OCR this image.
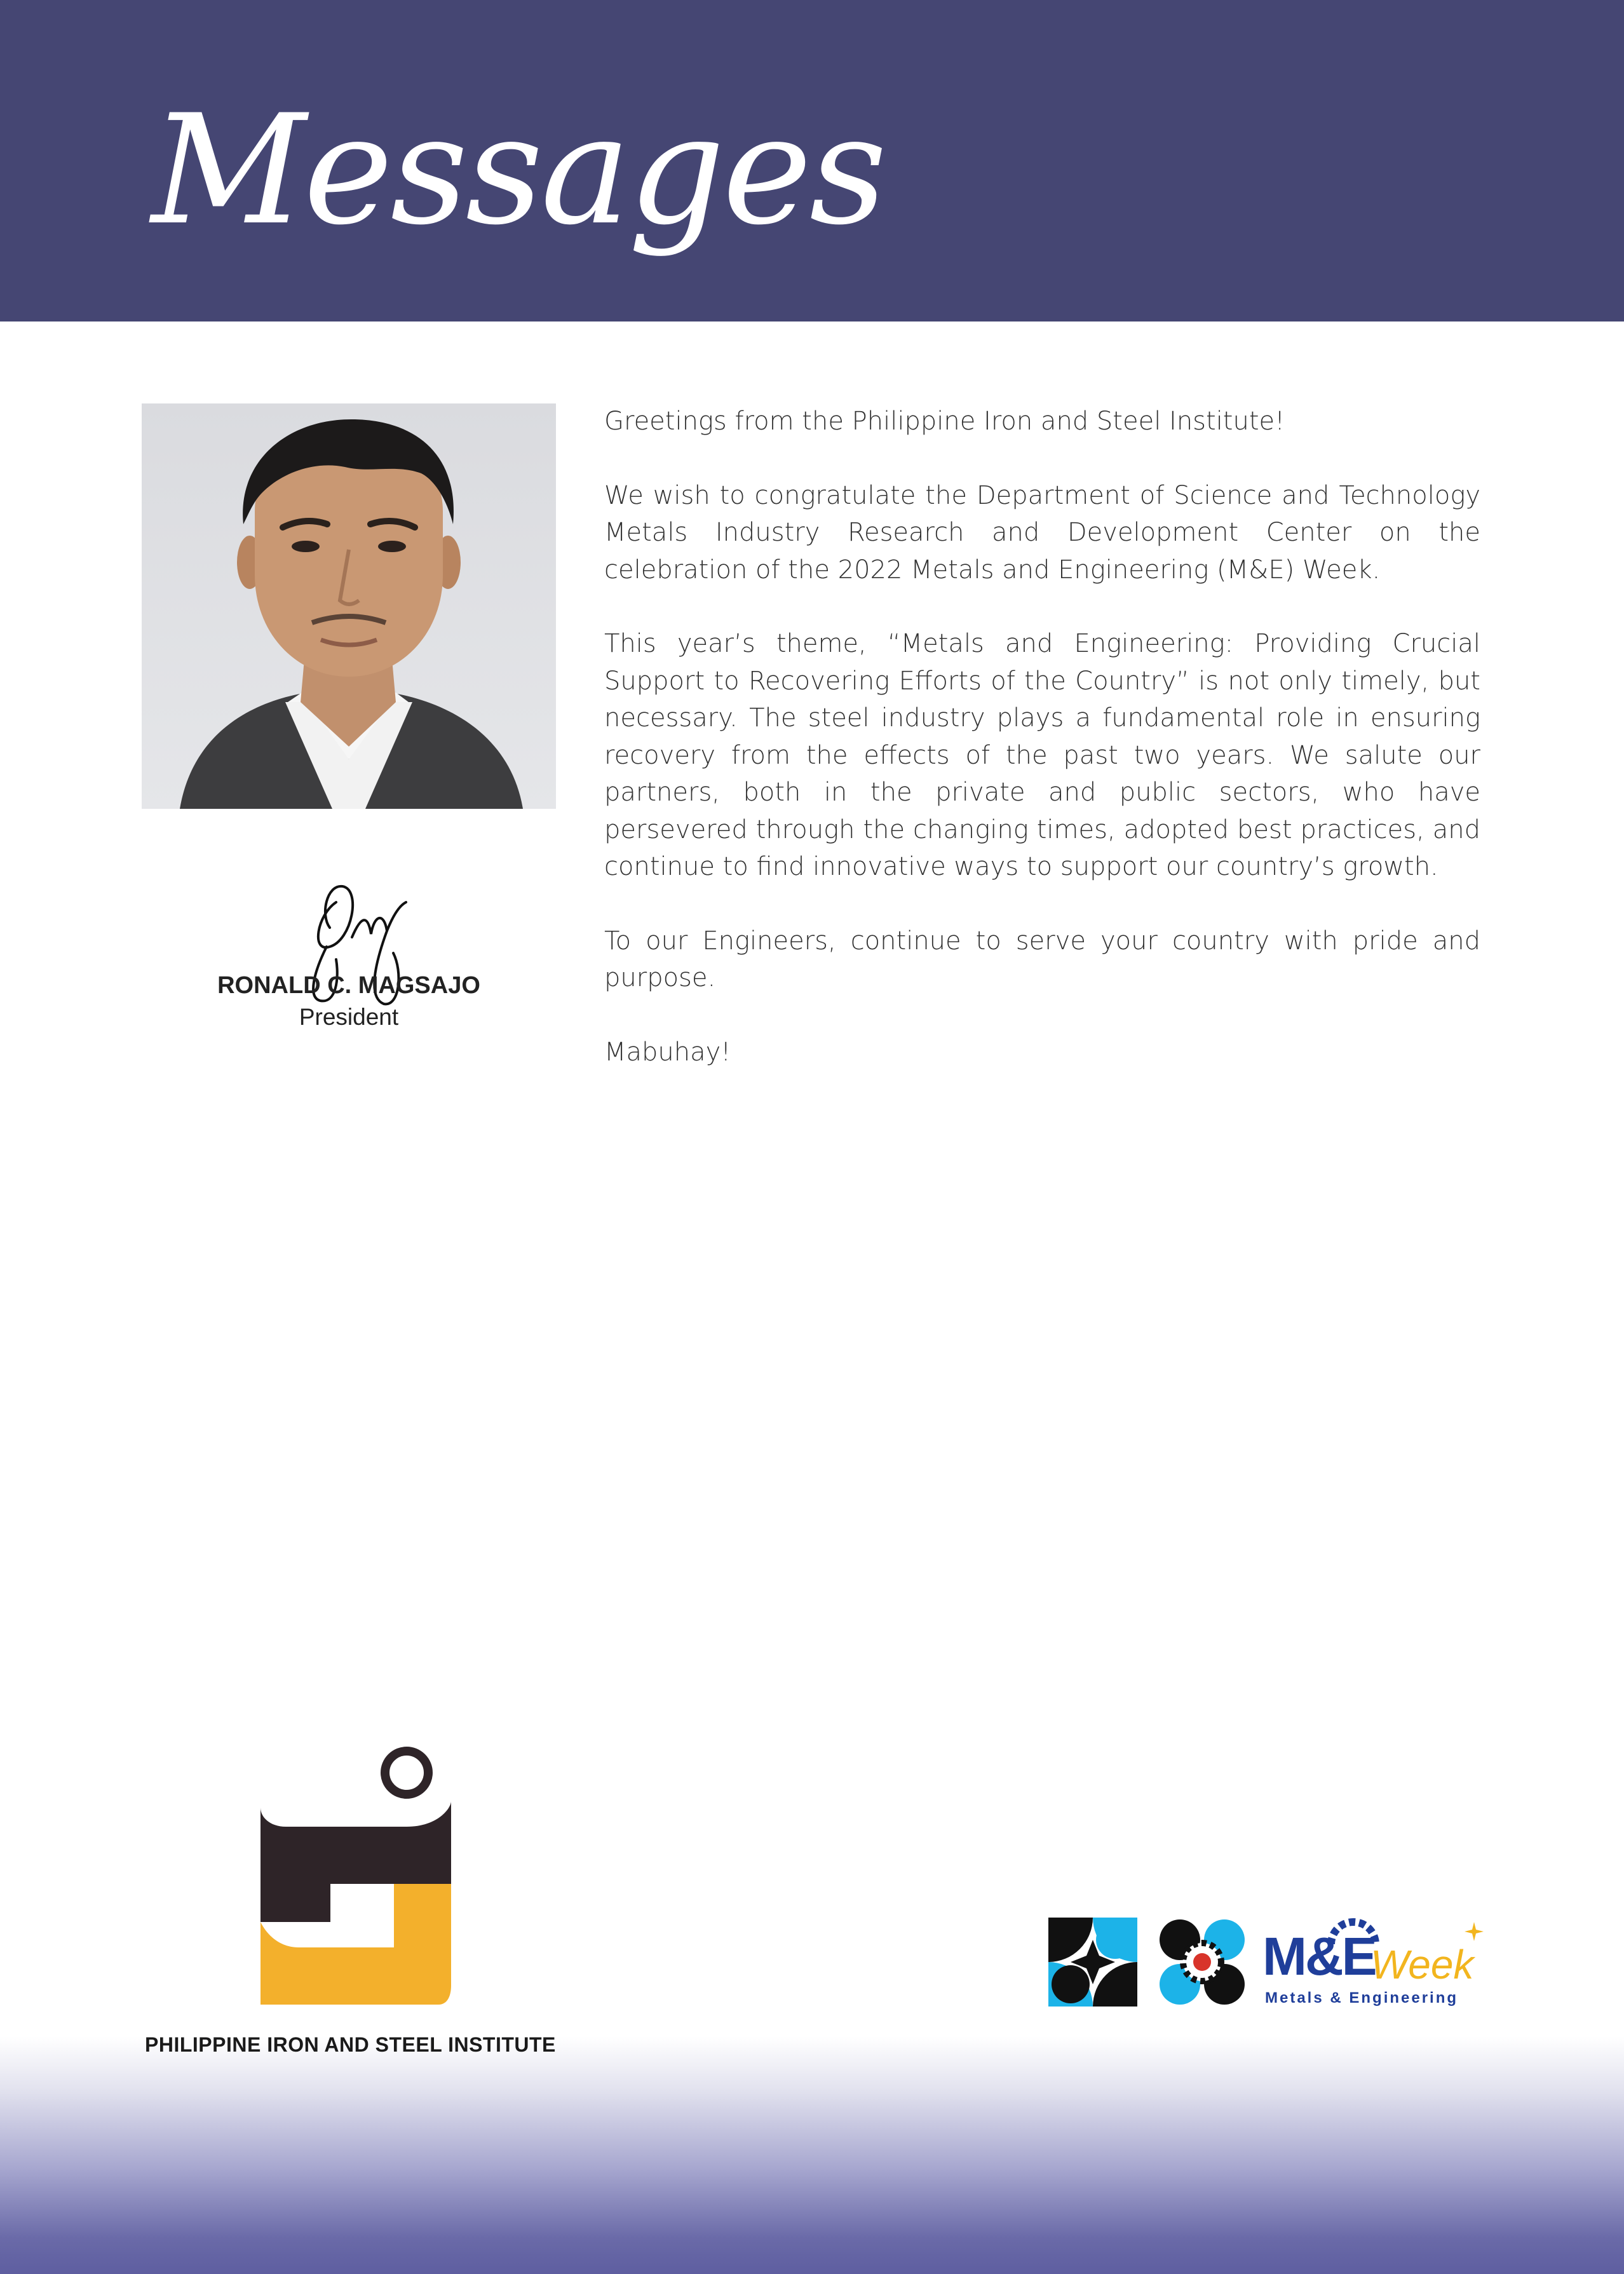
Messages
RONALD C. MAGSAJO
President

Greetings from the Philippine Iron and Steel Institute!

We wish to congratulate the Department of Science and Technology Metals Industry Research and Development Center on the celebration of the 2022 Metals and Engineering (M&E) Week.

This year’s theme, “Metals and Engineering: Providing Crucial Support to Recovering Efforts of the Country” is not only timely, but necessary. The steel industry plays a fundamental role in ensuring recovery from the effects of the past two years. We salute our partners, both in the private and public sectors, who have persevered through the changing times, adopted best practices, and continue to find innovative ways to support our country’s growth.

To our Engineers, continue to serve your country with pride and purpose.

Mabuhay!

PHILIPPINE IRON AND STEEL INSTITUTE
M&E
Week
Metals & Engineering
